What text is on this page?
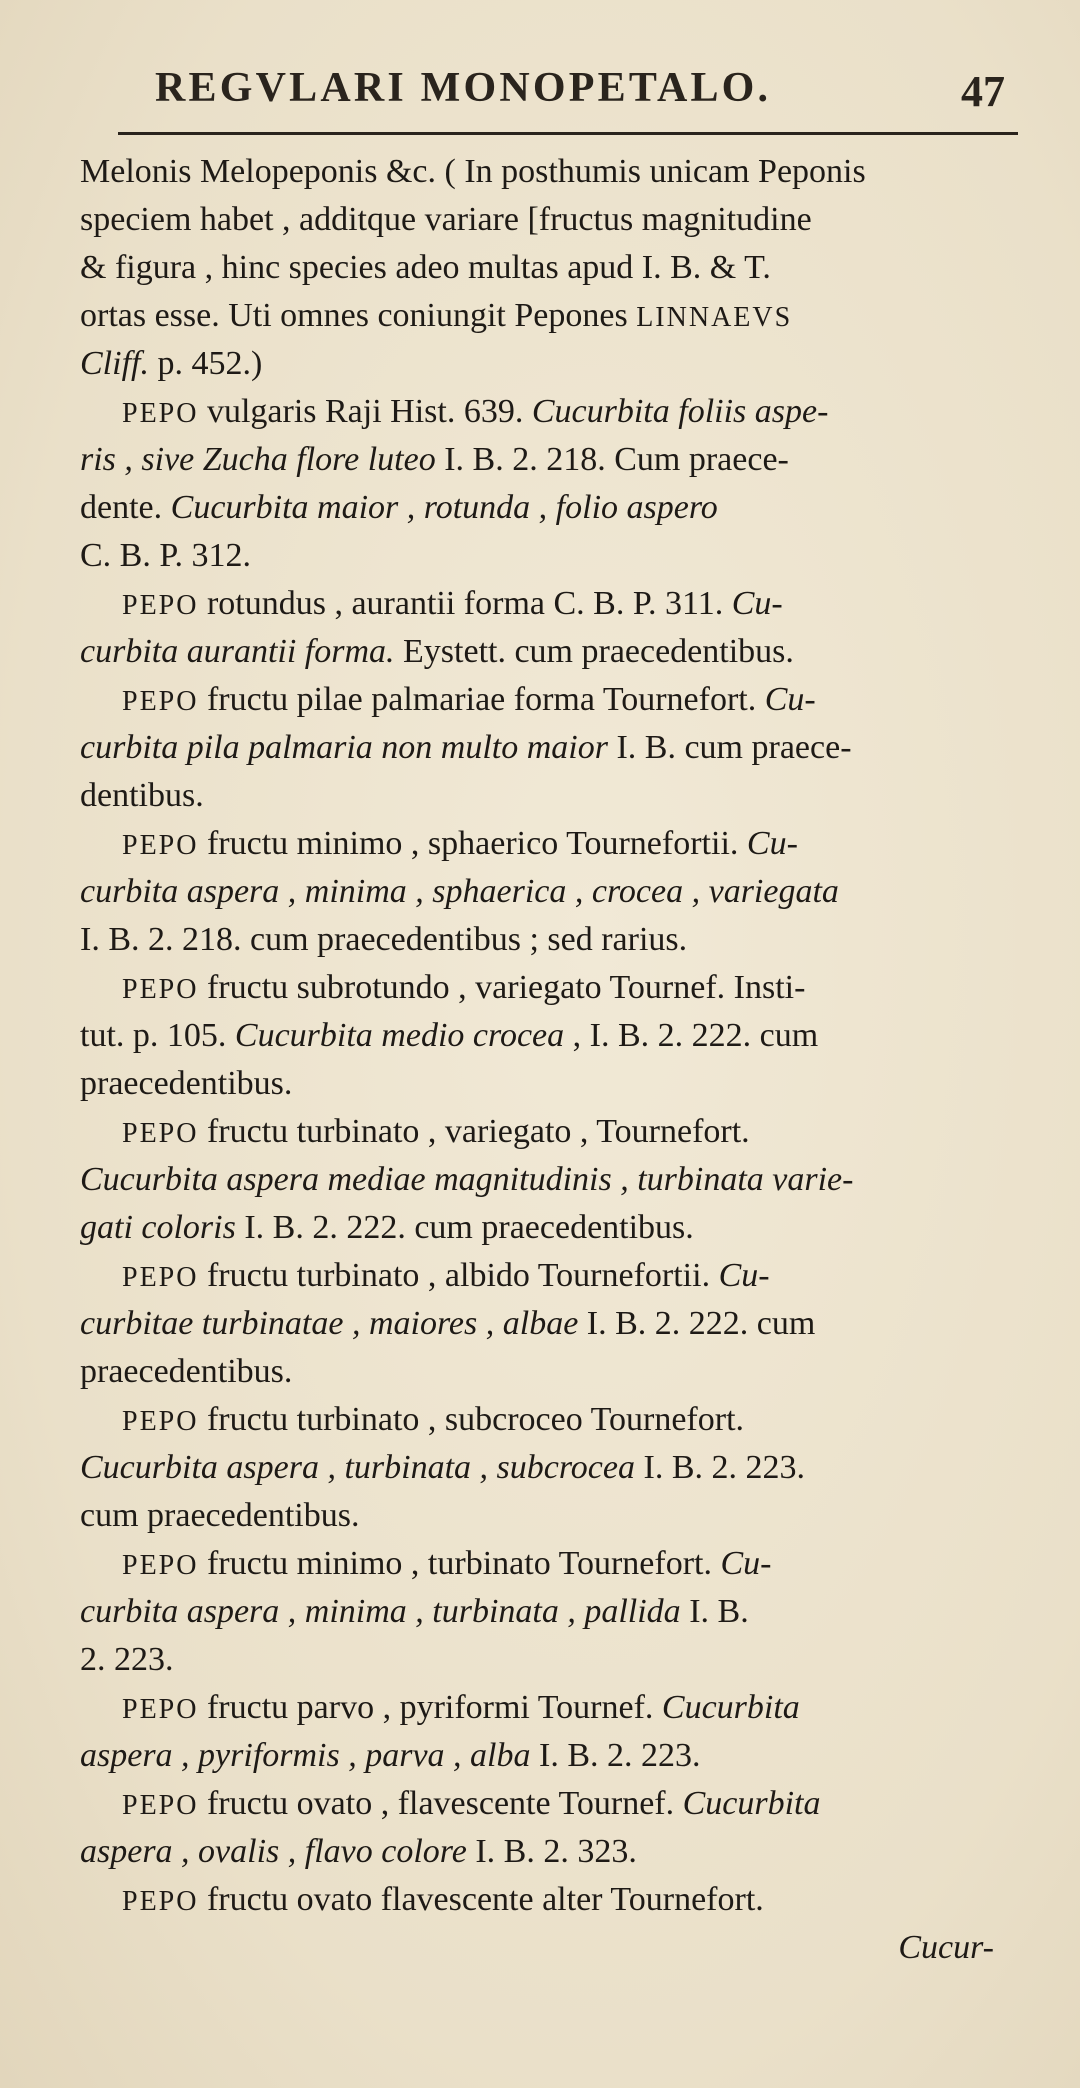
REGVLARI MONOPETALO.	47
Melonis Melopeponis &c. ( In posthumis unicam Peponis
speciem habet , additque variare [fructus magnitudine
& figura , hinc species adeo multas apud I. B. & T.
ortas esse. Uti omnes coniungit Pepones LINNAEVS
Cliff. p. 452.)
PEPO vulgaris Raji Hist. 639. Cucurbita foliis aspe-
ris , sive Zucha flore luteo I. B. 2. 218. Cum praece-
dente. Cucurbita maior , rotunda , folio aspero
C. B. P. 312.
PEPO rotundus , aurantii forma C. B. P. 311. Cu-
curbita aurantii forma. Eystett. cum praecedentibus.
PEPO fructu pilae palmariae forma Tournefort. Cu-
curbita pila palmaria non multo maior I. B. cum praece-
dentibus.
PEPO fructu minimo , sphaerico Tournefortii. Cu-
curbita aspera , minima , sphaerica , crocea , variegata
I. B. 2. 218. cum praecedentibus ; sed rarius.
PEPO fructu subrotundo , variegato Tournef. Insti-
tut. p. 105. Cucurbita medio crocea , I. B. 2. 222. cum
praecedentibus.
PEPO fructu turbinato , variegato , Tournefort.
Cucurbita aspera mediae magnitudinis , turbinata varie-
gati coloris I. B. 2. 222. cum praecedentibus.
PEPO fructu turbinato , albido Tournefortii. Cu-
curbitae turbinatae , maiores , albae I. B. 2. 222. cum
praecedentibus.
PEPO fructu turbinato , subcroceo Tournefort.
Cucurbita aspera , turbinata , subcrocea I. B. 2. 223.
cum praecedentibus.
PEPO fructu minimo , turbinato Tournefort. Cu-
curbita aspera , minima , turbinata , pallida I. B.
2. 223.
PEPO fructu parvo , pyriformi Tournef. Cucurbita
aspera , pyriformis , parva , alba I. B. 2. 223.
PEPO fructu ovato , flavescente Tournef. Cucurbita
aspera , ovalis , flavo colore I. B. 2. 323.
PEPO fructu ovato flavescente alter Tournefort.
Cucur-
